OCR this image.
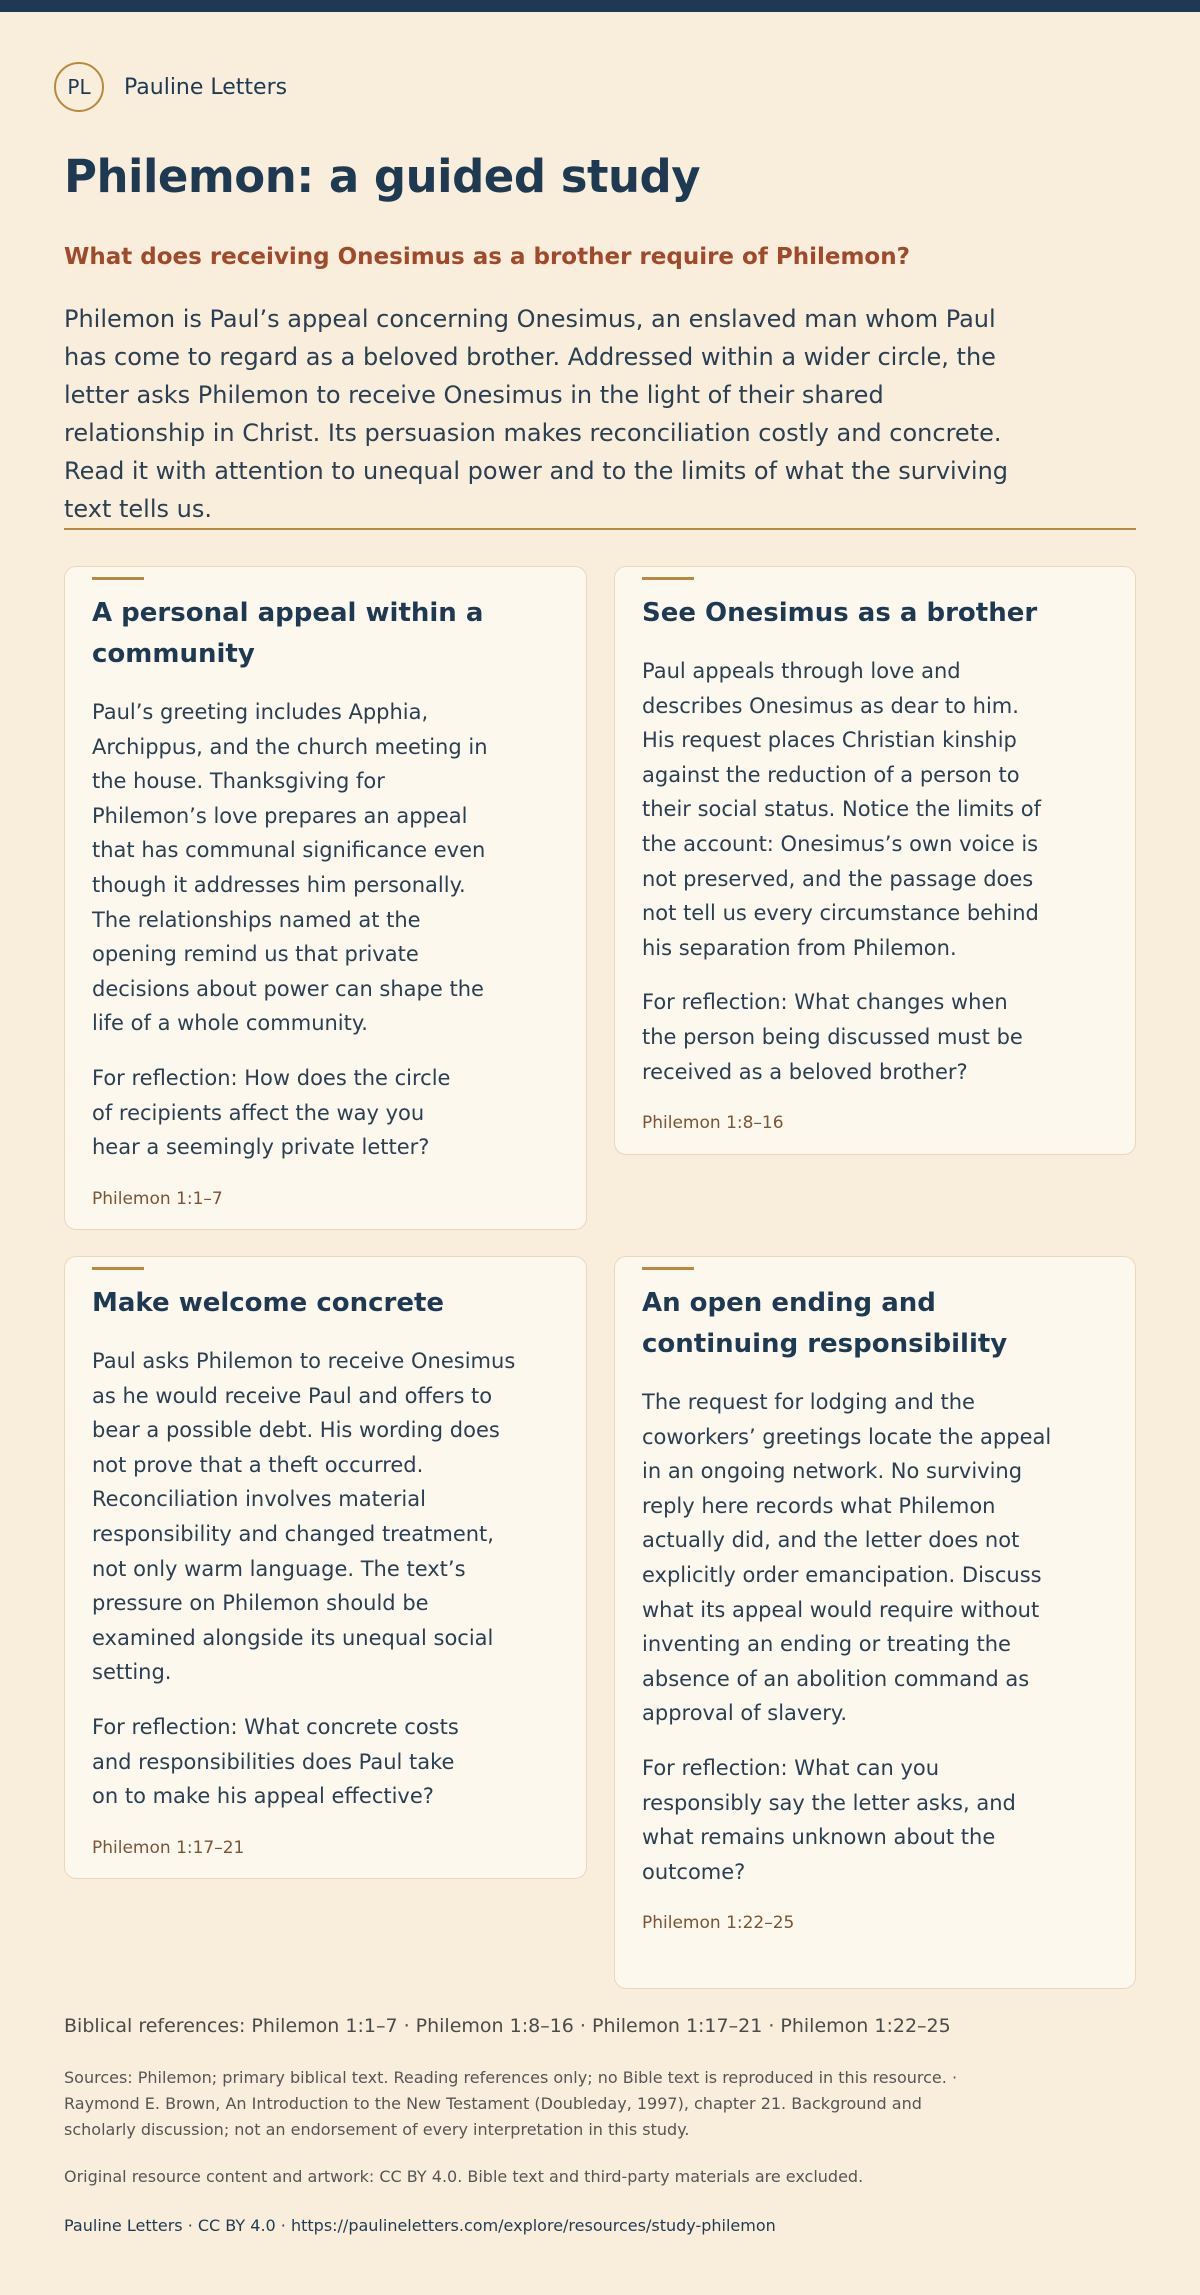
PL	Pauline Letters
Philemon: a guided study
What does receiving Onesimus as a brother require of Philemon?

Philemon is Paul’s appeal concerning Onesimus, an enslaved man whom Paul has come to regard as a beloved brother. Addressed within a wider circle, the letter asks Philemon to receive Onesimus in the light of their shared relationship in Christ. Its persuasion makes reconciliation costly and concrete. Read it with attention to unequal power and to the limits of what the surviving text tells us.

A personal appeal within a community

Paul’s greeting includes Apphia, Archippus, and the church meeting in the house. Thanksgiving for Philemon’s love prepares an appeal that has communal significance even though it addresses him personally. The relationships named at the opening remind us that private decisions about power can shape the life of a whole community.

For reflection: How does the circle of recipients affect the way you hear a seemingly private letter?

Philemon 1:1–7

See Onesimus as a brother

Paul appeals through love and describes Onesimus as dear to him. His request places Christian kinship against the reduction of a person to their social status. Notice the limits of the account: Onesimus’s own voice is not preserved, and the passage does not tell us every circumstance behind his separation from Philemon.

For reflection: What changes when the person being discussed must be received as a beloved brother?

Philemon 1:8–16

Make welcome concrete

Paul asks Philemon to receive Onesimus as he would receive Paul and offers to bear a possible debt. His wording does not prove that a theft occurred. Reconciliation involves material responsibility and changed treatment, not only warm language. The text’s pressure on Philemon should be examined alongside its unequal social setting.

For reflection: What concrete costs and responsibilities does Paul take on to make his appeal effective?

Philemon 1:17–21

An open ending and continuing responsibility

The request for lodging and the coworkers’ greetings locate the appeal in an ongoing network. No surviving reply here records what Philemon actually did, and the letter does not explicitly order emancipation. Discuss what its appeal would require without inventing an ending or treating the absence of an abolition command as approval of slavery.

For reflection: What can you responsibly say the letter asks, and what remains unknown about the outcome?

Philemon 1:22–25

Biblical references: Philemon 1:1–7 · Philemon 1:8–16 · Philemon 1:17–21 · Philemon 1:22–25

Sources: Philemon; primary biblical text. Reading references only; no Bible text is reproduced in this resource. · Raymond E. Brown, An Introduction to the New Testament (Doubleday, 1997), chapter 21. Background and scholarly discussion; not an endorsement of every interpretation in this study.

Original resource content and artwork: CC BY 4.0. Bible text and third-party materials are excluded.

Pauline Letters · CC BY 4.0 · https://paulineletters.com/explore/resources/study-philemon
